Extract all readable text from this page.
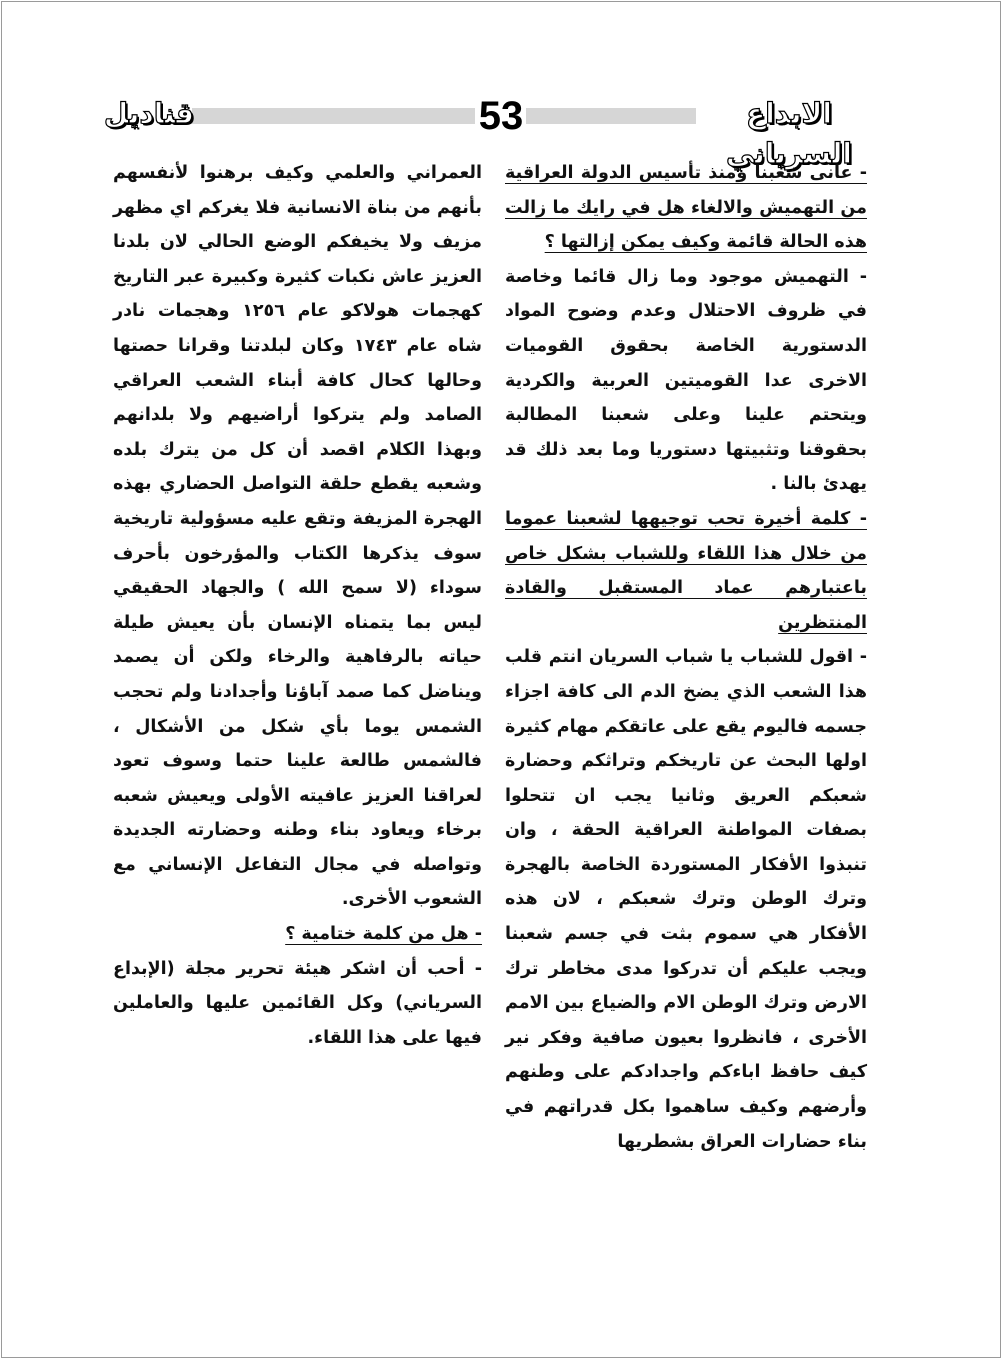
قناديل	53	الابداع السرياني

- عانى شعبنا ومنذ تأسيس الدولة العراقية من التهميش والالغاء هل في رايك ما زالت هذه الحالة قائمة وكيف يمكن إزالتها ؟

- التهميش موجود وما زال قائما وخاصة في ظروف الاحتلال وعدم وضوح المواد الدستورية الخاصة بحقوق القوميات الاخرى عدا القوميتين العربية والكردية ويتحتم علينا وعلى شعبنا المطالبة بحقوقنا وتثبيتها دستوريا وما بعد ذلك قد يهدئ بالنا .

- كلمة أخيرة تحب توجيهها لشعبنا عموما من خلال هذا اللقاء وللشباب بشكل خاص باعتبارهم عماد المستقبل والقادة المنتظرين

- اقول للشباب يا شباب السريان انتم قلب هذا الشعب الذي يضخ الدم الى كافة اجزاء جسمه فاليوم يقع على عاتقكم مهام كثيرة اولها البحث عن تاريخكم وتراثكم وحضارة شعبكم العريق وثانيا يجب ان تتحلوا بصفات المواطنة العراقية الحقة ، وان تنبذوا الأفكار المستوردة الخاصة بالهجرة وترك الوطن وترك شعبكم ، لان هذه الأفكار هي سموم بثت في جسم شعبنا ويجب عليكم أن تدركوا مدى مخاطر ترك الارض وترك الوطن الام والضياع بين الامم الأخرى ، فانظروا بعيون صافية وفكر نير كيف حافظ اباءكم واجدادكم على وطنهم وأرضهم وكيف ساهموا بكل قدراتهم في بناء حضارات العراق بشطريها

العمراني والعلمي وكيف برهنوا لأنفسهم بأنهم من بناة الانسانية فلا يغركم اي مظهر مزيف ولا يخيفكم الوضع الحالي لان بلدنا العزيز عاش نكبات كثيرة وكبيرة عبر التاريخ كهجمات هولاكو عام ١٢٥٦ وهجمات نادر شاه عام ١٧٤٣ وكان لبلدتنا وقرانا حصتها وحالها كحال كافة أبناء الشعب العراقي الصامد ولم يتركوا أراضيهم ولا بلدانهم وبهذا الكلام اقصد أن كل من يترك بلده وشعبه يقطع حلقة التواصل الحضاري بهذه الهجرة المزيفة وتقع عليه مسؤولية تاريخية سوف يذكرها الكتاب والمؤرخون بأحرف سوداء (لا سمح الله ) والجهاد الحقيقي ليس بما يتمناه الإنسان بأن يعيش طيلة حياته بالرفاهية والرخاء ولكن أن يصمد ويناضل كما صمد آباؤنا وأجدادنا ولم تحجب الشمس يوما بأي شكل من الأشكال ، فالشمس طالعة علينا حتما وسوف تعود لعراقنا العزيز عافيته الأولى ويعيش شعبه برخاء ويعاود بناء وطنه وحضارته الجديدة وتواصله في مجال التفاعل الإنساني مع الشعوب الأخرى.

- هل من كلمة ختامية ؟

- أحب أن اشكر هيئة تحرير مجلة (الإبداع السرياني) وكل القائمين عليها والعاملين فيها على هذا اللقاء.
